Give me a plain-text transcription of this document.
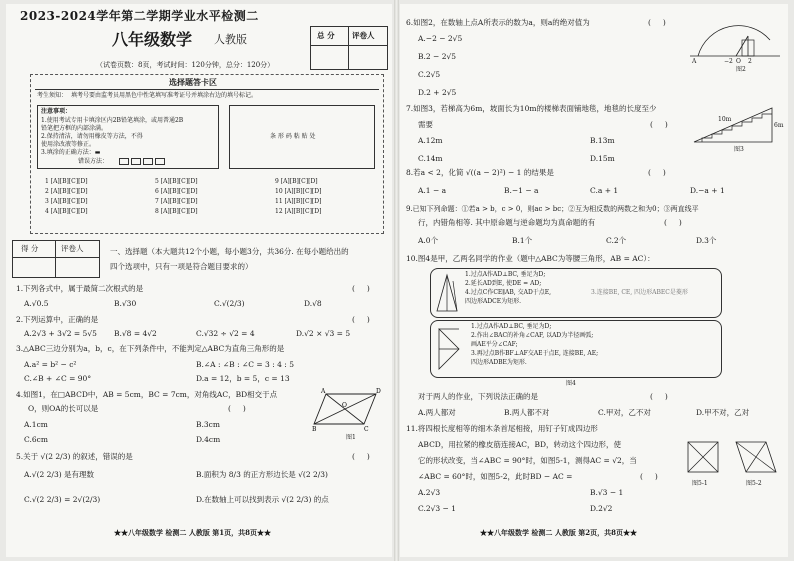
2023-2024学年第二学期学业水平检测二
八年级数学 人教版	总 分 评卷人
（试卷页数：8页，考试时间：120分钟，总分：120分）
选择题答卡区
考生须知： 填考号要由监考员用黑色中性笔填写准考证号并填涂右边的填号标记。
注意事项：
1.使用考试专用卡填涂区内2B铅笔填涂，或用普通2B
铅笔把方框的内部涂满。
2.保持清洁，请勿用橡皮等方法，不得
使用涂改液等修正。
3.填涂的正确方法：▬
错误方法：
条 形 码 粘 贴 处
1 [A][B][C][D]	5 [A][B][C][D]	9 [A][B][C][D]
2 [A][B][C][D]	6 [A][B][C][D]	10 [A][B][C][D]
3 [A][B][C][D]	7 [A][B][C][D]	11 [A][B][C][D]
4 [A][B][C][D]	8 [A][B][C][D]	12 [A][B][C][D]
得 分	评卷人	一、选择题（本大题共12个小题，每小题3分，共36分. 在每小题给出的
四个选项中，只有一项是符合题目要求的）
1.下列各式中，属于最简二次根式的是	(     )
A.√0.5	B.√30	C.√(2/3)	D.√8
2.下列运算中，正确的是	(     )
A.2√3 + 3√2 = 5√5 B.√8 = 4√2	C.√32 ÷ √2 = 4	D.√2 × √3 = 5
3.△ABC三边分别为a，b，c，在下列条件中，不能判定△ABC为直角三角形的是
A.a² = b² − c²	B.∠A : ∠B : ∠C = 3 : 4 : 5
C.∠B + ∠C = 90°	D.a = 12，b = 5，c = 13
4.如图1，在□ABCD中，AB = 5cm，BC = 7cm，对角线AC，BD相交于点
O，则OA的长可以是	(     )
A.1cm	B.3cm
C.6cm	D.4cm
A	D
B	C
O
图1
5.关于 √(2 2/3) 的叙述，错误的是	(     )
A.√(2 2/3) 是有理数	B.面积为 8/3 的正方形边长是 √(2 2/3)
C.√(2 2/3) = 2√(2/3)	D.在数轴上可以找到表示 √(2 2/3) 的点
★★八年级数学 检测二 人教版 第1页，共8页★★
6.如图2，在数轴上点A所表示的数为a，则a的绝对值为	(     )
A.−2 − 2√5
B.2 − 2√5
C.2√5
D.2 + 2√5
A	−2 O 2
图2
7.如图3，若梯高为6m，坡面长为10m的楼梯表面铺地毯，地毯的长度至少
需要	(     )
A.12m	B.13m
C.14m	D.15m
10m
6m
图3
8.若a < 2，化简 √((a − 2)²) − 1 的结果是	(     )
A.1 − a	B.−1 − a	C.a + 1	D.−a + 1
9.已知下列命题：①若a > b，c > 0，则ac > bc；②互为相反数的两数之和为0；③两直线平
行，内错角相等. 其中原命题与逆命题均为真命题的有	(     )
A.0个	B.1个	C.2个	D.3个
10.图4是甲，乙两名同学的作业（题中△ABC为等腰三角形，AB = AC）：
1.过点A作AD⊥BC, 垂足为D;
2.延长AD到E, 使DE = AD;
4.过点C作CE∥AB, 交AD于点E,
四边形ADCE为矩形.
3.连接BE, CE, 四边形ABEC是菱形
1.过点A作AD⊥BC, 垂足为D;
2.作出∠BAC的补角∠CAF, 以AD为半径画弧;
画AE平分∠CAF;
3.再过点B作BF⊥AF交AE于点E, 连接BE, AE;
四边形ADBE为矩形.
图4
对于两人的作业，下列说法正确的是	(     )
A.两人都对	B.两人都不对	C.甲对，乙不对	D.甲不对，乙对
11.将四根长度相等的细木条首尾相接，用钉子钉成四边形
ABCD，用拉紧的橡皮筋连接AC，BD，转动这个四边形，使
它的形状改变，当∠ABC = 90°时，如图5-1，测得AC = √2，当
∠ABC = 60°时，如图5-2，此时BD − AC =	(     )
A.2√3	B.√3 − 1
C.2√3 − 1	D.2√2
图5-1	图5-2
★★八年级数学 检测二 人教版 第2页，共8页★★
